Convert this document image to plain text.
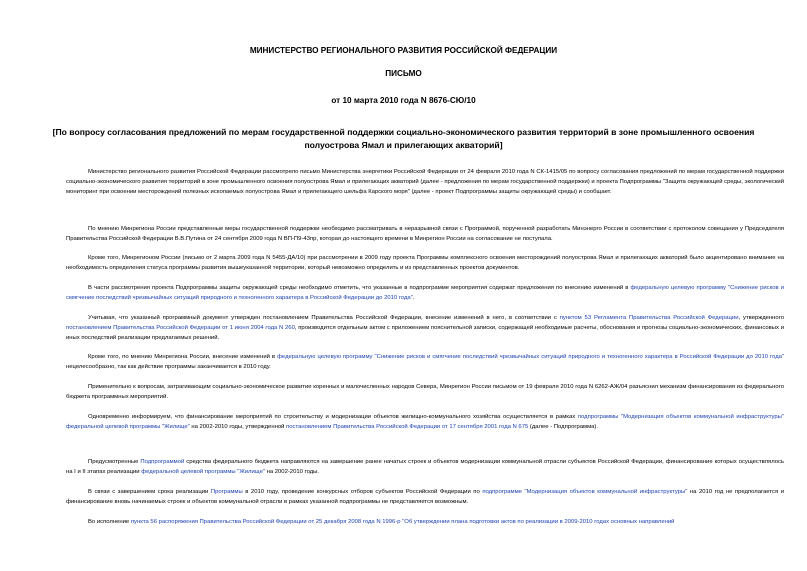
МИНИСТЕРСТВО РЕГИОНАЛЬНОГО РАЗВИТИЯ РОССИЙСКОЙ ФЕДЕРАЦИИ
ПИСЬМО
от 10 марта 2010 года N 8676-СЮ/10
[По вопросу согласования предложений по мерам государственной поддержки социально-экономического развития территорий в зоне промышленного освоения полуострова Ямал и прилегающих акваторий]

Министерство регионального развития Российской Федерации рассмотрело письмо Министерства энергетики Российской Федерации от 24 февраля 2010 года N СК-1415/05 по вопросу согласования предложений по мерам государственной поддержки социально-экономического развития территорий в зоне промышленного освоения полуострова Ямал и прилегающих акваторий (далее - предложения по мерам государственной поддержки) и проекта Подпрограммы "Защита окружающей среды, экологический мониторинг при освоении месторождений полезных ископаемых полуострова Ямал и прилегающего шельфа Карского моря" (далее - проект Подпрограммы защиты окружающей среды) и сообщает.

По мнению Минрегиона России представленные меры государственной поддержки необходимо рассматривать в неразрывной связи с Программой, порученной разработать Минэнерго России в соответствии с протоколом совещания у Председателя Правительства Российской Федерации В.В.Путина от 24 сентября 2009 года N ВП-П9-43пр, которая до настоящего времени в Минрегион России на согласование не поступала.

Кроме того, Минрегионом России (письмо от 2 марта 2009 года N 5455-ДА/10) при рассмотрении в 2009 году проекта Программы комплексного освоения месторождений полуострова Ямал и прилегающих акваторий было акцентировано внимание на необходимость определения статуса программы развития вышеуказанной территории, который невозможно определить и из представленных проектов документов.

В части рассмотрения проекта Подпрограммы защиты окружающей среды необходимо отметить, что указанные в подпрограмме мероприятия содержат предложения по внесению изменений в федеральную целевую программу "Снижение рисков и смягчение последствий чрезвычайных ситуаций природного и техногенного характера в Российской Федерации до 2010 года".

Учитывая, что указанный программный документ утвержден постановлением Правительства Российской Федерации, внесение изменений в него, в соответствии с пунктом 53 Регламента Правительства Российской Федерации, утвержденного постановлением Правительства Российской Федерации от 1 июня 2004 года N 260, производится отдельным актом с приложением пояснительной записки, содержащей необходимые расчеты, обоснования и прогнозы социально-экономических, финансовых и иных последствий реализации предлагаемых решений.

Кроме того, по мнению Минрегиона России, внесение изменений в федеральную целевую программу "Снижение рисков и смягчение последствий чрезвычайных ситуаций природного и техногенного характера в Российской Федерации до 2010 года" нецелесообразно, так как действие программы заканчивается в 2010 году.

Применительно к вопросам, затрагивающим социально-экономическое развитие коренных и малочисленных народов Севера, Минрегион России письмом от 19 февраля 2010 года N 6262-АЖ/04 разъяснил механизм финансирования из федерального бюджета программных мероприятий.

Одновременно информируем, что финансирование мероприятий по строительству и модернизации объектов жилищно-коммунального хозяйства осуществляется в рамках подпрограммы "Модернизация объектов коммунальной инфраструктуры" федеральной целевой программы "Жилище" на 2002-2010 годы, утвержденной постановлением Правительства Российской Федерации от 17 сентября 2001 года N 675 (далее - Подпрограмма).

Предусмотренные Подпрограммой средства федерального бюджета направляются на завершение ранее начатых строек и объектов модернизации коммунальной отрасли субъектов Российской Федерации, финансирование которых осуществлялось на I и II этапах реализации федеральной целевой программы "Жилище" на 2002-2010 годы.

В связи с завершением срока реализации Программы в 2010 году, проведение конкурсных отборов субъектов Российской Федерации по подпрограмме "Модернизация объектов коммунальной инфраструктуры" на 2010 год не предполагается и финансирование вновь начинаемых строек и объектов коммунальной отрасли в рамках указанной подпрограммы не представляется возможным.

Во исполнение пункта 56 распоряжения Правительства Российской Федерации от 25 декабря 2008 года N 1996-р "Об утверждении плана подготовки актов по реализации в 2009-2010 годах основных направлений
